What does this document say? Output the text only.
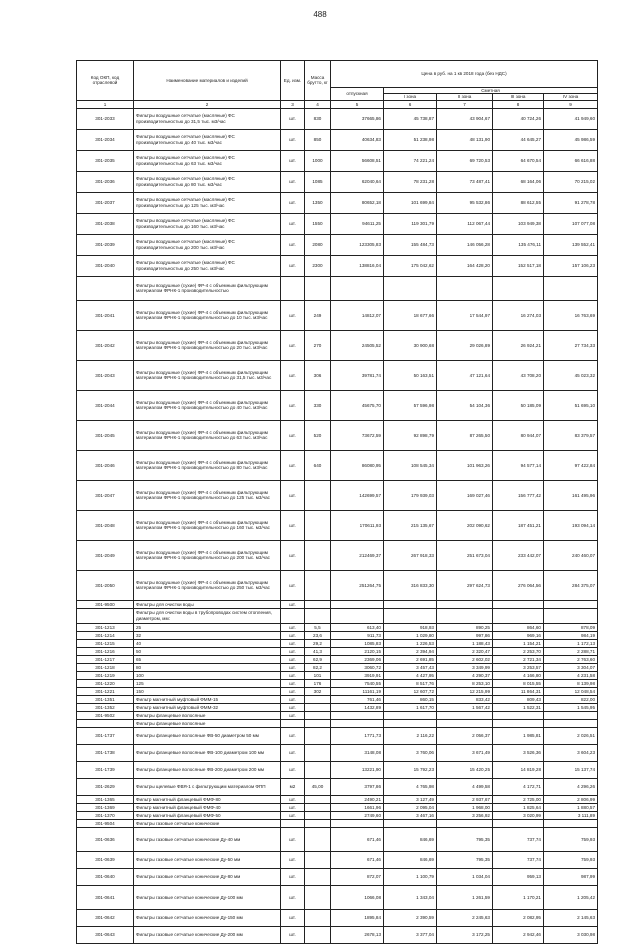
488
Код ОКП, код отраслевой	Наименование материалов и изделий	Ед. изм.	Масса брутто, кг	Цена в руб. на 1 кв 2018 года (без НДС)				
				отпускная	Сметная			
					I зона	II зона	III зона	IV зона
1	2	3	4	5	6	7	8	9
301-2033	Фильтры воздушные сетчатые (масляные) ФС производительностью до 31,5 тыс. м3/час	шт.	830	37665,86	45 738,87	43 904,67	40 724,26	41 949,60
301-2034	Фильтры воздушные сетчатые (масляные) ФС производительностью до 40 тыс. м3/час	шт.	850	40634,83	51 238,98	48 131,90	44 645,27	45 986,59
301-2035	Фильтры воздушные сетчатые (масляные) ФС производительностью до 63 тыс. м3/час	шт.	1000	56608,51	74 221,24	69 720,53	64 670,54	66 616,88
301-2036	Фильтры воздушные сетчатые (масляные) ФС производительностью до 80 тыс. м3/час	шт.	1085	62040,64	78 231,28	73 487,41	68 164,06	70 215,02
301-2037	Фильтры воздушные сетчатые (масляные) ФС производительностью до 125 тыс. м3/час	шт.	1350	80652,18	101 699,84	95 532,86	88 612,55	91 278,78
301-2038	Фильтры воздушные сетчатые (масляные) ФС производительностью до 160 тыс. м3/час	шт.	1550	94611,25	119 301,79	112 067,44	103 949,38	107 077,08
301-2039	Фильтры воздушные сетчатые (масляные) ФС производительностью до 200 тыс. м3/час	шт.	2080	123305,83	155 484,73	146 056,28	135 476,11	139 552,41
301-2040	Фильтры воздушные сетчатые (масляные) ФС производительностью до 250 тыс. м3/час	шт.	2300	138816,04	175 042,62	164 428,20	152 517,18	157 106,23
	Фильтры воздушные (сухие) ФР-4 с объемным фильтрующим материалом ФРНК-1 производительностью							
301-2041	Фильтры воздушные (сухие) ФР-4 с объемным фильтрующим материалом ФРНК-1 производительностью до 10 тыс. м3/час	шт.	249	14812,07	18 677,66	17 544,97	16 274,03	16 763,69
301-2042	Фильтры воздушные (сухие) ФР-4 с объемным фильтрующим материалом ФРНК-1 производительностью до 20 тыс. м3/час	шт.	270	24505,52	30 900,68	29 026,89	26 924,21	27 734,33
301-2043	Фильтры воздушные (сухие) ФР-4 с объемным фильтрующим материалом ФРНК-1 производительностью до 31,5 тыс. м3/час	шт.	306	39781,74	50 163,51	47 121,64	43 708,20	45 023,32
301-2044	Фильтры воздушные (сухие) ФР-4 с объемным фильтрующим материалом ФРНК-1 производительностью до 40 тыс. м3/час	шт.	330	45675,70	57 596,98	54 104,36	50 185,09	51 695,10
301-2045	Фильтры воздушные (сухие) ФР-4 с объемным фильтрующим материалом ФРНК-1 производительностью до 63 тыс. м3/час	шт.	520	73672,59	92 898,79	87 265,50	80 944,07	83 379,57
301-2046	Фильтры воздушные (сухие) ФР-4 с объемным фильтрующим материалом ФРНК-1 производительностью до 80 тыс. м3/час	шт.	640	86080,95	108 545,34	101 963,26	94 577,14	97 422,84
301-2047	Фильтры воздушные (сухие) ФР-4 с объемным фильтрующим материалом ФРНК-1 производительностью до 125 тыс. м3/час	шт.		142699,57	179 939,03	169 027,46	156 777,42	161 495,96
301-2048	Фильтры воздушные (сухие) ФР-4 с объемным фильтрующим материалом ФРНК-1 производительностью до 160 тыс. м3/час	шт.		170611,93	215 135,67	202 090,62	187 451,21	193 094,14
301-2049	Фильтры воздушные (сухие) ФР-4 с объемным фильтрующим материалом ФРНК-1 производительностью до 200 тыс. м3/час	шт.		212469,37	267 918,33	251 673,04	233 442,07	240 460,07
301-2050	Фильтры воздушные (сухие) ФР-4 с объемным фильтрующим материалом ФРНК-1 производительностью до 250 тыс. м3/час	шт.		251264,75	316 833,30	297 624,73	276 064,56	284 375,07
301-9500	Фильтры для очистки воды	шт.						
	Фильтры для очистки воды в трубопроводах систем отопления, диаметром, мм:							
301-1213	25	шт.	5,5	613,40	918,93	890,25	864,60	878,09
301-1214	32	шт.	23,6	911,73	1 029,80	997,86	969,16	984,19
301-1215	40	шт.	29,2	1085,83	1 226,53	1 188,43	1 154,21	1 172,13
301-1216	50	шт.	41,3	2120,15	2 394,94	2 320,47	2 253,70	2 288,71
301-1217	65	шт.	62,9	2369,06	2 691,85	2 602,02	2 721,34	2 763,60
301-1218	80	шт.	82,2	3060,72	3 457,43	3 349,99	3 253,57	3 304,07
301-1219	100	шт.	101	3919,91	4 427,95	4 290,37	4 166,80	4 231,58
301-1220	125	шт.	176	7540,55	8 517,76	8 253,10	8 015,55	8 139,98
301-1221	150	шт.	302	11161,19	12 607,72	12 215,99	11 864,31	12 048,54
301-1351	Фильтр магнитный муфтовый ФММ-15	шт.		761,46	860,15	833,42	809,43	822,00
301-1352	Фильтр магнитный муфтовый ФММ-32	шт.		1432,89	1 617,70	1 567,42	1 522,31	1 545,95
301-9502	Фильтры фланцевые волосяные	шт.						
	Фильтры фланцевые волосяные							
301-1737	Фильтры фланцевые волосяные ФВ-50 диаметром 50 мм	шт.		1771,73	2 116,22	2 056,37	1 985,81	2 026,51
301-1738	Фильтры фланцевые волосяные ФВ-100 диаметром 100 мм	шт.		3148,08	3 760,06	3 671,49	3 526,36	3 604,23
301-1739	Фильтры фланцевые волосяные ФВ-200 диаметром 200 мм	шт.		13221,90	15 792,23	15 420,25	14 819,28	15 137,74
301-2629	Фильтры щелевые ФВЯ-1 с фильтрующим материалом ФПП	м2	45,00	3797,86	4 765,98	4 499,58	4 172,71	4 296,26
301-1365	Фильтр магнитный фланцевый ФМФ-80	шт.		2490,21	3 127,49	2 937,67	2 725,00	2 806,99
301-1369	Фильтр магнитный фланцевый ФМФ-40	шт.		1661,96	2 095,04	1 968,00	1 825,64	1 880,57
301-1370	Фильтр магнитный фланцевый ФМФ-50	шт.		2749,60	3 467,16	3 256,92	3 020,99	3 111,89
301-9504	Фильтры газовые сетчатые конические							
301-0636	Фильтры газовые сетчатые конические Ду-40 мм	шт.		671,46	846,69	795,35	737,74	759,93
301-0639	Фильтры газовые сетчатые конические Ду-50 мм	шт.		671,46	846,69	795,35	737,74	759,93
301-0640	Фильтры газовые сетчатые конические Ду-80 мм	шт.		872,07	1 100,79	1 034,04	959,13	987,99
301-0641	Фильтры газовые сетчатые конические Ду-100 мм	шт.		1066,08	1 343,04	1 261,59	1 170,21	1 205,42
301-0642	Фильтры газовые сетчатые конические Ду-150 мм	шт.		1895,84	2 390,59	2 245,63	2 082,95	2 145,63
301-0643	Фильтры газовые сетчатые конические Ду-200 мм	шт.		2678,13	3 377,04	3 172,25	2 942,46	3 030,98
